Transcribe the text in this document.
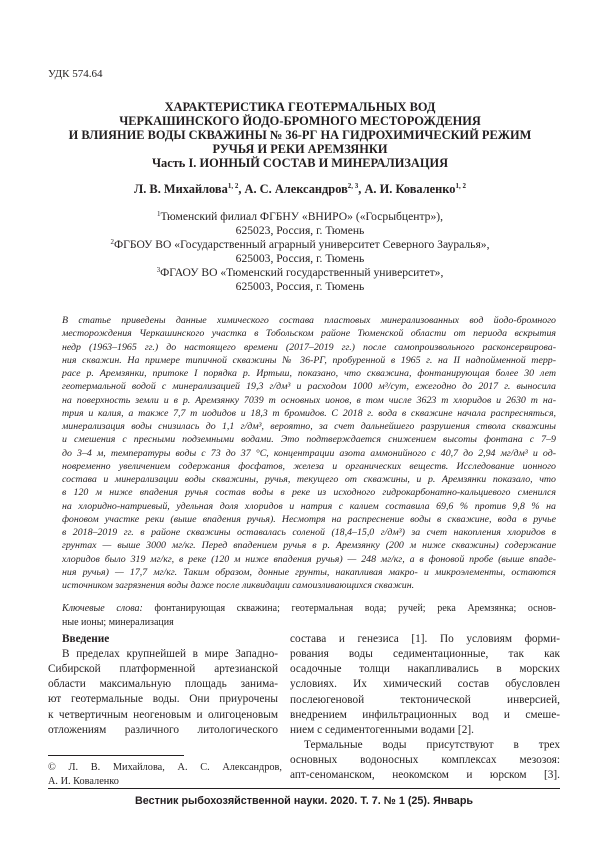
УДК 574.64
ХАРАКТЕРИСТИКА ГЕОТЕРМАЛЬНЫХ ВОД
ЧЕРКАШИНСКОГО ЙОДО-БРОМНОГО МЕСТОРОЖДЕНИЯ
И ВЛИЯНИЕ ВОДЫ СКВАЖИНЫ № 36-РГ НА ГИДРОХИМИЧЕСКИЙ РЕЖИМ
РУЧЬЯ И РЕКИ АРЕМЗЯНКИ
Часть I. ИОННЫЙ СОСТАВ И МИНЕРАЛИЗАЦИЯ
Л. В. Михайлова$^{1, 2}$, А. С. Александров$^{2, 3}$, А. И. Коваленко$^{1, 2}$
$^1$Тюменский филиал ФГБНУ «ВНИРО» («Госрыбцентр»),
625023, Россия, г. Тюмень
$^2$ФГБОУ ВО «Государственный аграрный университет Северного Зауралья»,
625003, Россия, г. Тюмень
$^3$ФГАОУ ВО «Тюменский государственный университет»,
625003, Россия, г. Тюмень
В статье приведены данные химического состава пластовых минерализованных вод йодо-бромного
месторождения Черкашинского участка в Тобольском районе Тюменской области от периода вскрытия
недр (1963–1965 гг.) до настоящего времени (2017–2019 гг.) после самопроизвольного расконсервирова-
ния скважин. На примере типичной скважины № 36-РГ, пробуренной в 1965 г. на II надпойменной терр-
расе р. Аремзянки, притоке I порядка р. Иртыш, показано, что скважина, фонтанирующая более 30 лет
геотермальной водой с минерализацией 19,3 г/дм³ и расходом 1000 м³/сут, ежегодно до 2017 г. выносила
на поверхность земли и в р. Аремзянку 7039 т основных ионов, в том числе 3623 т хлоридов и 2630 т на-
трия и калия, а также 7,7 т иодидов и 18,3 т бромидов. С 2018 г. вода в скважине начала распресняться,
минерализация воды снизилась до 1,1 г/дм³, вероятно, за счет дальнейшего разрушения ствола скважины
и смешения с пресными подземными водами. Это подтверждается снижением высоты фонтана с 7–9
до 3–4 м, температуры воды с 73 до 37 °С, концентрации азота аммонийного с 40,7 до 2,94 мг/дм³ и од-
новременно увеличением содержания фосфатов, железа и органических веществ. Исследование ионного
состава и минерализации воды скважины, ручья, текущего от скважины, и р. Аремзянки показало, что
в 120 м ниже впадения ручья состав воды в реке из исходного гидрокарбонатно-кальциевого сменился
на хлоридно-натриевый, удельная доля хлоридов и натрия с калием составила 69,6 % против 9,8 % на
фоновом участке реки (выше впадения ручья). Несмотря на распреснение воды в скважине, вода в ручье
в 2018–2019 гг. в районе скважины оставалась соленой (18,4–15,0 г/дм³) за счет накопления хлоридов в
грунтах — выше 3000 мг/кг. Перед впадением ручья в р. Аремзянку (200 м ниже скважины) содержание
хлоридов было 319 мг/кг, в реке (120 м ниже впадения ручья) — 248 мг/кг, а в фоновой пробе (выше впаде-
ния ручья) — 17,7 мг/кг. Таким образом, донные грунты, накапливая макро- и микроэлементы, остаются
источником загрязнения воды даже после ликвидации самоизливающихся скважин.
Ключевые слова: фонтанирующая скважина; геотермальная вода; ручей; река Аремзянка; основ-
ные ионы; минерализация
Введение
В пределах крупнейшей в мире Западно-
Сибирской платформенной артезианской
области максимальную площадь занима-
ют геотермальные воды. Они приурочены
к четвертичным неогеновым и олигоценовым
отложениям различного литологического
состава и генезиса [1]. По условиям форми-
рования воды седиментационные, так как
осадочные толщи накапливались в морских
условиях. Их химический состав обусловлен
послеюгеновой тектонической инверсией,
внедрением инфильтрационных вод и смеше-
нием с седиментогенными водами [2].
Термальные воды присутствуют в трех
основных водоносных комплексах мезозоя:
апт-сеноманском, неокомском и юрском [3].
© Л. В. Михайлова, А. С. Александров,
А. И. Коваленко
Вестник рыбохозяйственной науки. 2020. Т. 7. № 1 (25). Январь
